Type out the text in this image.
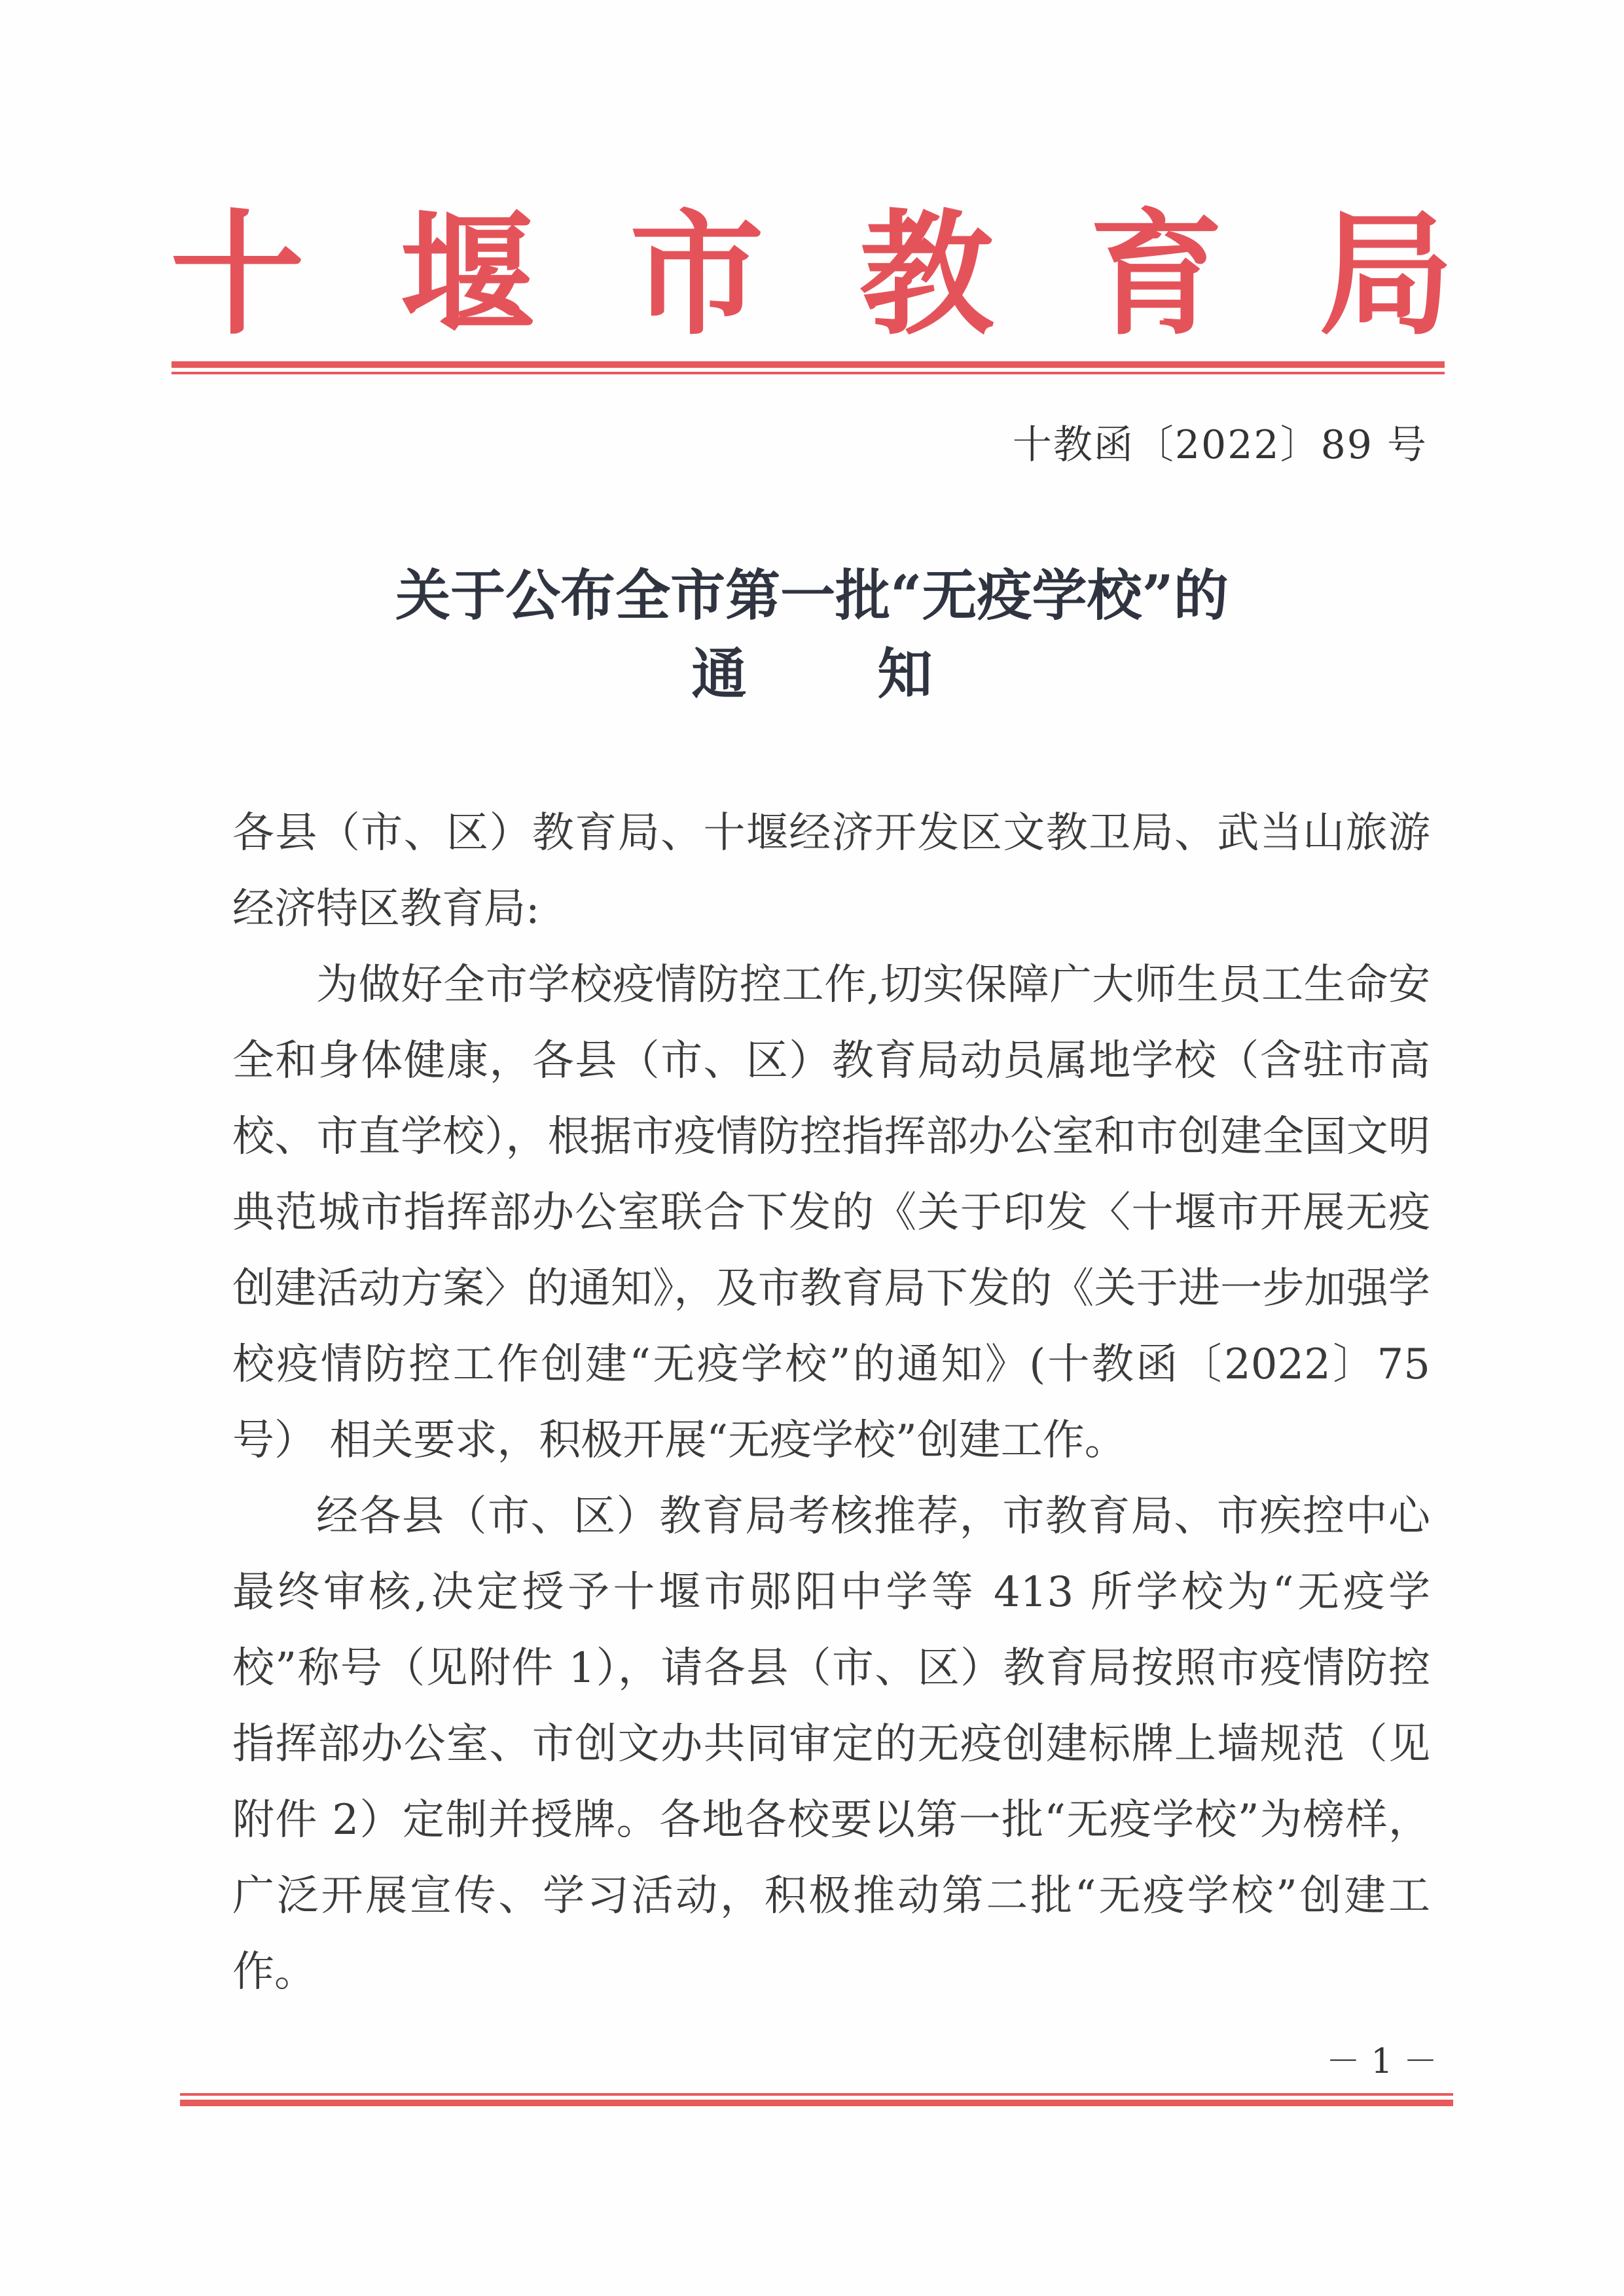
十 堰 市 教 育 局
十教函〔2022〕89 号
关于公布全市第一批“无疫学校”的
通知

各县（市、区）教育局、十堰经济开发区文教卫局、武当山旅游经济特区教育局:

为做好全市学校疫情防控工作,切实保障广大师生员工生命安全和身体健康，各县（市、区）教育局动员属地学校（含驻市高校、市直学校），根据市疫情防控指挥部办公室和市创建全国文明典范城市指挥部办公室联合下发的《关于印发〈十堰市开展无疫创建活动方案〉的通知》，及市教育局下发的《关于进一步加强学校疫情防控工作创建“无疫学校”的通知》(十教函〔2022〕75号） 相关要求，积极开展“无疫学校”创建工作。

经各县（市、区）教育局考核推荐，市教育局、市疾控中心最终审核,决定授予十堰市郧阳中学等 413 所学校为“无疫学校”称号（见附件 1），请各县（市、区）教育局按照市疫情防控指挥部办公室、市创文办共同审定的无疫创建标牌上墙规范（见附件 2）定制并授牌。各地各校要以第一批“无疫学校”为榜样，广泛开展宣传、学习活动，积极推动第二批“无疫学校”创建工作。

－ 1 －
